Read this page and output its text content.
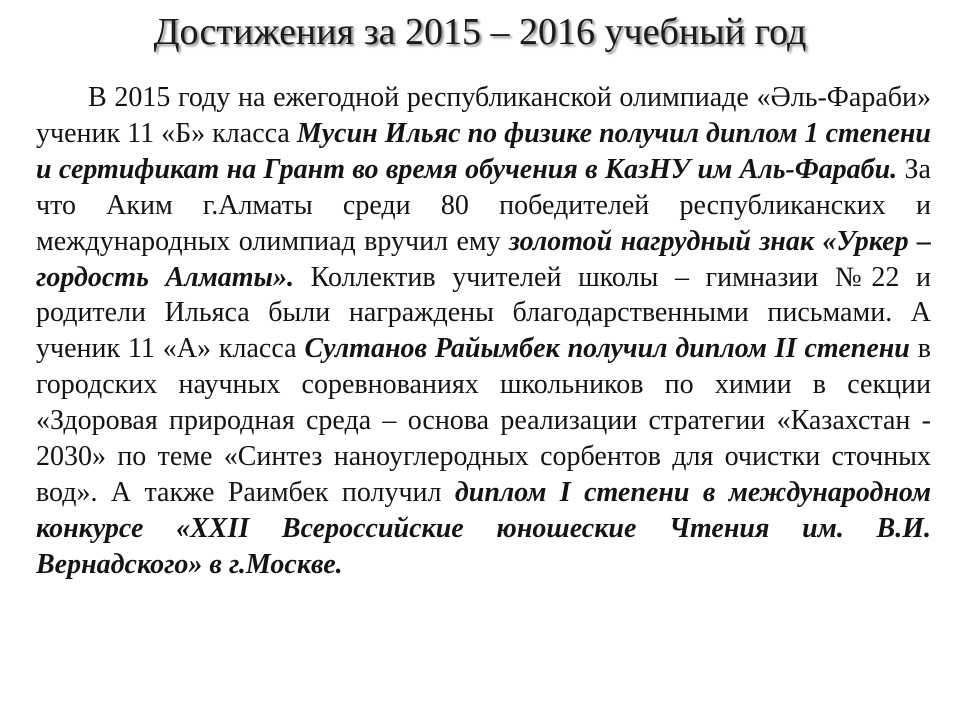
Достижения за 2015 – 2016 учебный год

В 2015 году на ежегодной республиканской олимпиаде «Әль-Фараби» ученик 11 «Б» класса Мусин Ильяс по физике получил диплом 1 степени и сертификат на Грант во время обучения в КазНУ им Аль-Фараби. За что Аким г.Алматы среди 80 победителей республиканских и международных олимпиад вручил ему золотой нагрудный знак «Уркер – гордость Алматы». Коллектив учителей школы – гимназии №22 и родители Ильяса были награждены благодарственными письмами. А ученик 11 «А» класса Султанов Райымбек получил диплом II степени в городских научных соревнованиях школьников по химии в секции «Здоровая природная среда – основа реализации стратегии «Казахстан - 2030» по теме «Синтез наноуглеродных сорбентов для очистки сточных вод». А также Раимбек получил диплом I степени в международном конкурсе «XXII Всероссийские юношеские Чтения им. В.И. Вернадского» в г.Москве.
